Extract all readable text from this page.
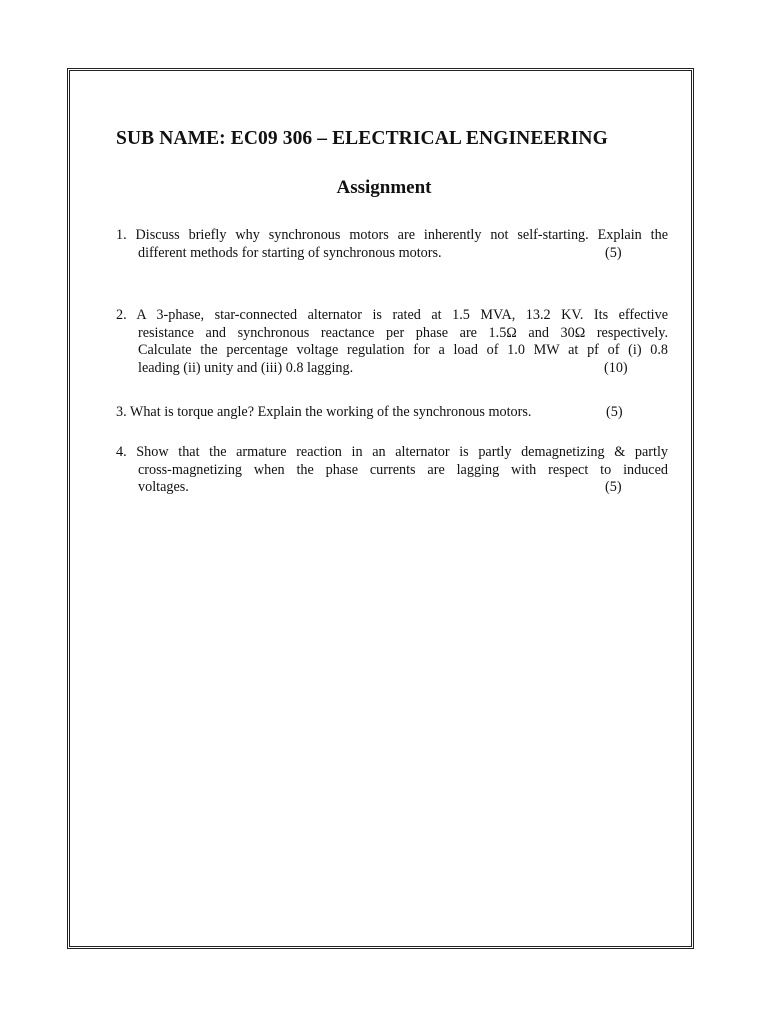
SUB NAME: EC09 306 – ELECTRICAL ENGINEERING
Assignment
1. Discuss briefly why synchronous motors are inherently not self-starting. Explain the
different methods for starting of synchronous motors.	(5)
2. A 3-phase, star-connected alternator is rated at 1.5 MVA, 13.2 KV. Its effective
resistance and synchronous reactance per phase are 1.5Ω and 30Ω respectively.
Calculate the percentage voltage regulation for a load of 1.0 MW at pf of (i) 0.8
leading (ii) unity and (iii) 0.8 lagging.	(10)
3. What is torque angle? Explain the working of the synchronous motors.	(5)
4. Show that the armature reaction in an alternator is partly demagnetizing & partly
cross-magnetizing when the phase currents are lagging with respect to induced
voltages.	(5)
